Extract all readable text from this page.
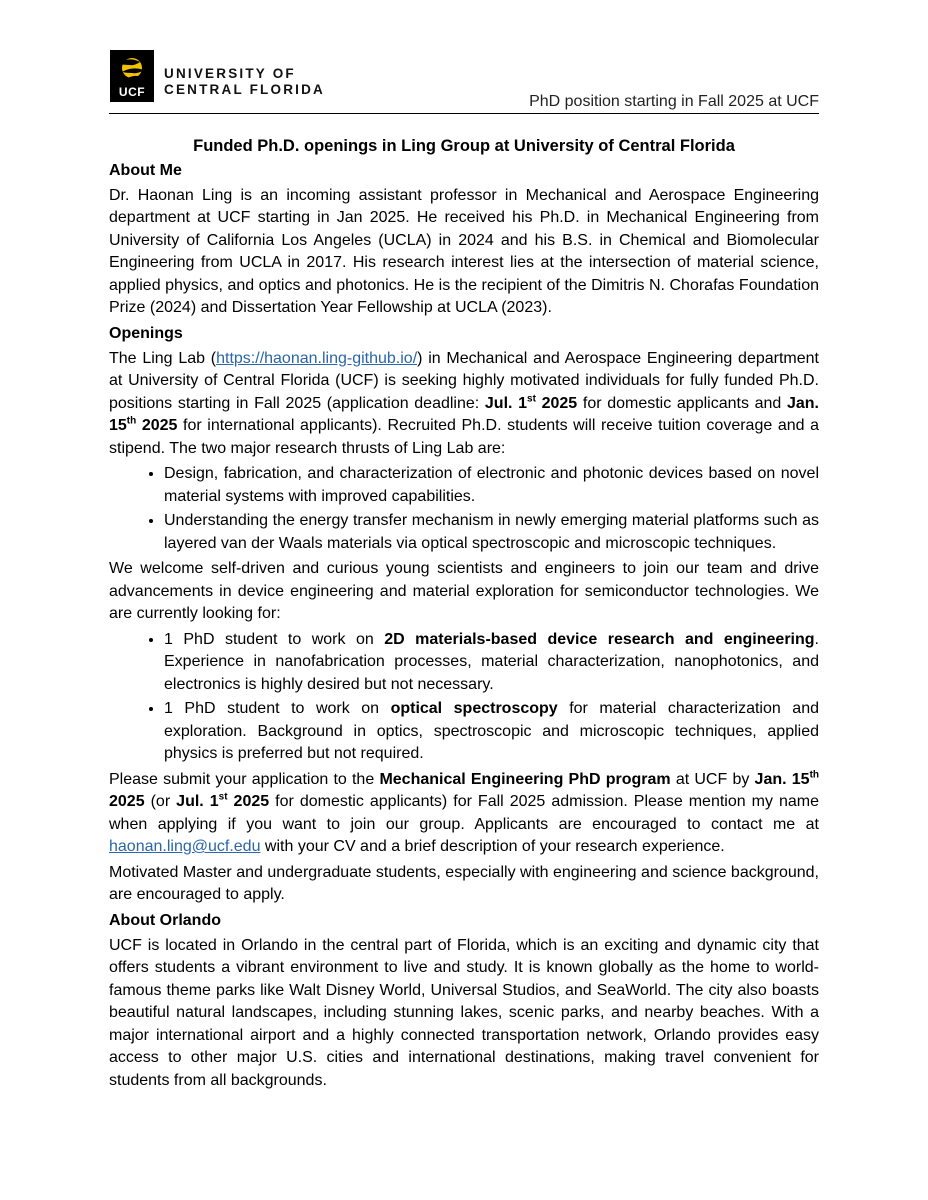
UCF
UNIVERSITY OF
CENTRAL FLORIDA
PhD position starting in Fall 2025 at UCF
Funded Ph.D. openings in Ling Group at University of Central Florida
About Me

Dr. Haonan Ling is an incoming assistant professor in Mechanical and Aerospace Engineering department at UCF starting in Jan 2025. He received his Ph.D. in Mechanical Engineering from University of California Los Angeles (UCLA) in 2024 and his B.S. in Chemical and Biomolecular Engineering from UCLA in 2017. His research interest lies at the intersection of material science, applied physics, and optics and photonics. He is the recipient of the Dimitris N. Chorafas Foundation Prize (2024) and Dissertation Year Fellowship at UCLA (2023).

Openings

The Ling Lab (https://haonan.ling-github.io/) in Mechanical and Aerospace Engineering department at University of Central Florida (UCF) is seeking highly motivated individuals for fully funded Ph.D. positions starting in Fall 2025 (application deadline: Jul. 1st 2025 for domestic applicants and Jan. 15th 2025 for international applicants). Recruited Ph.D. students will receive tuition coverage and a stipend. The two major research thrusts of Ling Lab are:

• Design, fabrication, and characterization of electronic and photonic devices based on novel material systems with improved capabilities.
• Understanding the energy transfer mechanism in newly emerging material platforms such as layered van der Waals materials via optical spectroscopic and microscopic techniques.

We welcome self-driven and curious young scientists and engineers to join our team and drive advancements in device engineering and material exploration for semiconductor technologies. We are currently looking for:

• 1 PhD student to work on 2D materials-based device research and engineering. Experience in nanofabrication processes, material characterization, nanophotonics, and electronics is highly desired but not necessary.
• 1 PhD student to work on optical spectroscopy for material characterization and exploration. Background in optics, spectroscopic and microscopic techniques, applied physics is preferred but not required.

Please submit your application to the Mechanical Engineering PhD program at UCF by Jan. 15th 2025 (or Jul. 1st 2025 for domestic applicants) for Fall 2025 admission. Please mention my name when applying if you want to join our group. Applicants are encouraged to contact me at haonan.ling@ucf.edu with your CV and a brief description of your research experience.

Motivated Master and undergraduate students, especially with engineering and science background, are encouraged to apply.

About Orlando

UCF is located in Orlando in the central part of Florida, which is an exciting and dynamic city that offers students a vibrant environment to live and study. It is known globally as the home to world-famous theme parks like Walt Disney World, Universal Studios, and SeaWorld. The city also boasts beautiful natural landscapes, including stunning lakes, scenic parks, and nearby beaches. With a major international airport and a highly connected transportation network, Orlando provides easy access to other major U.S. cities and international destinations, making travel convenient for students from all backgrounds.
